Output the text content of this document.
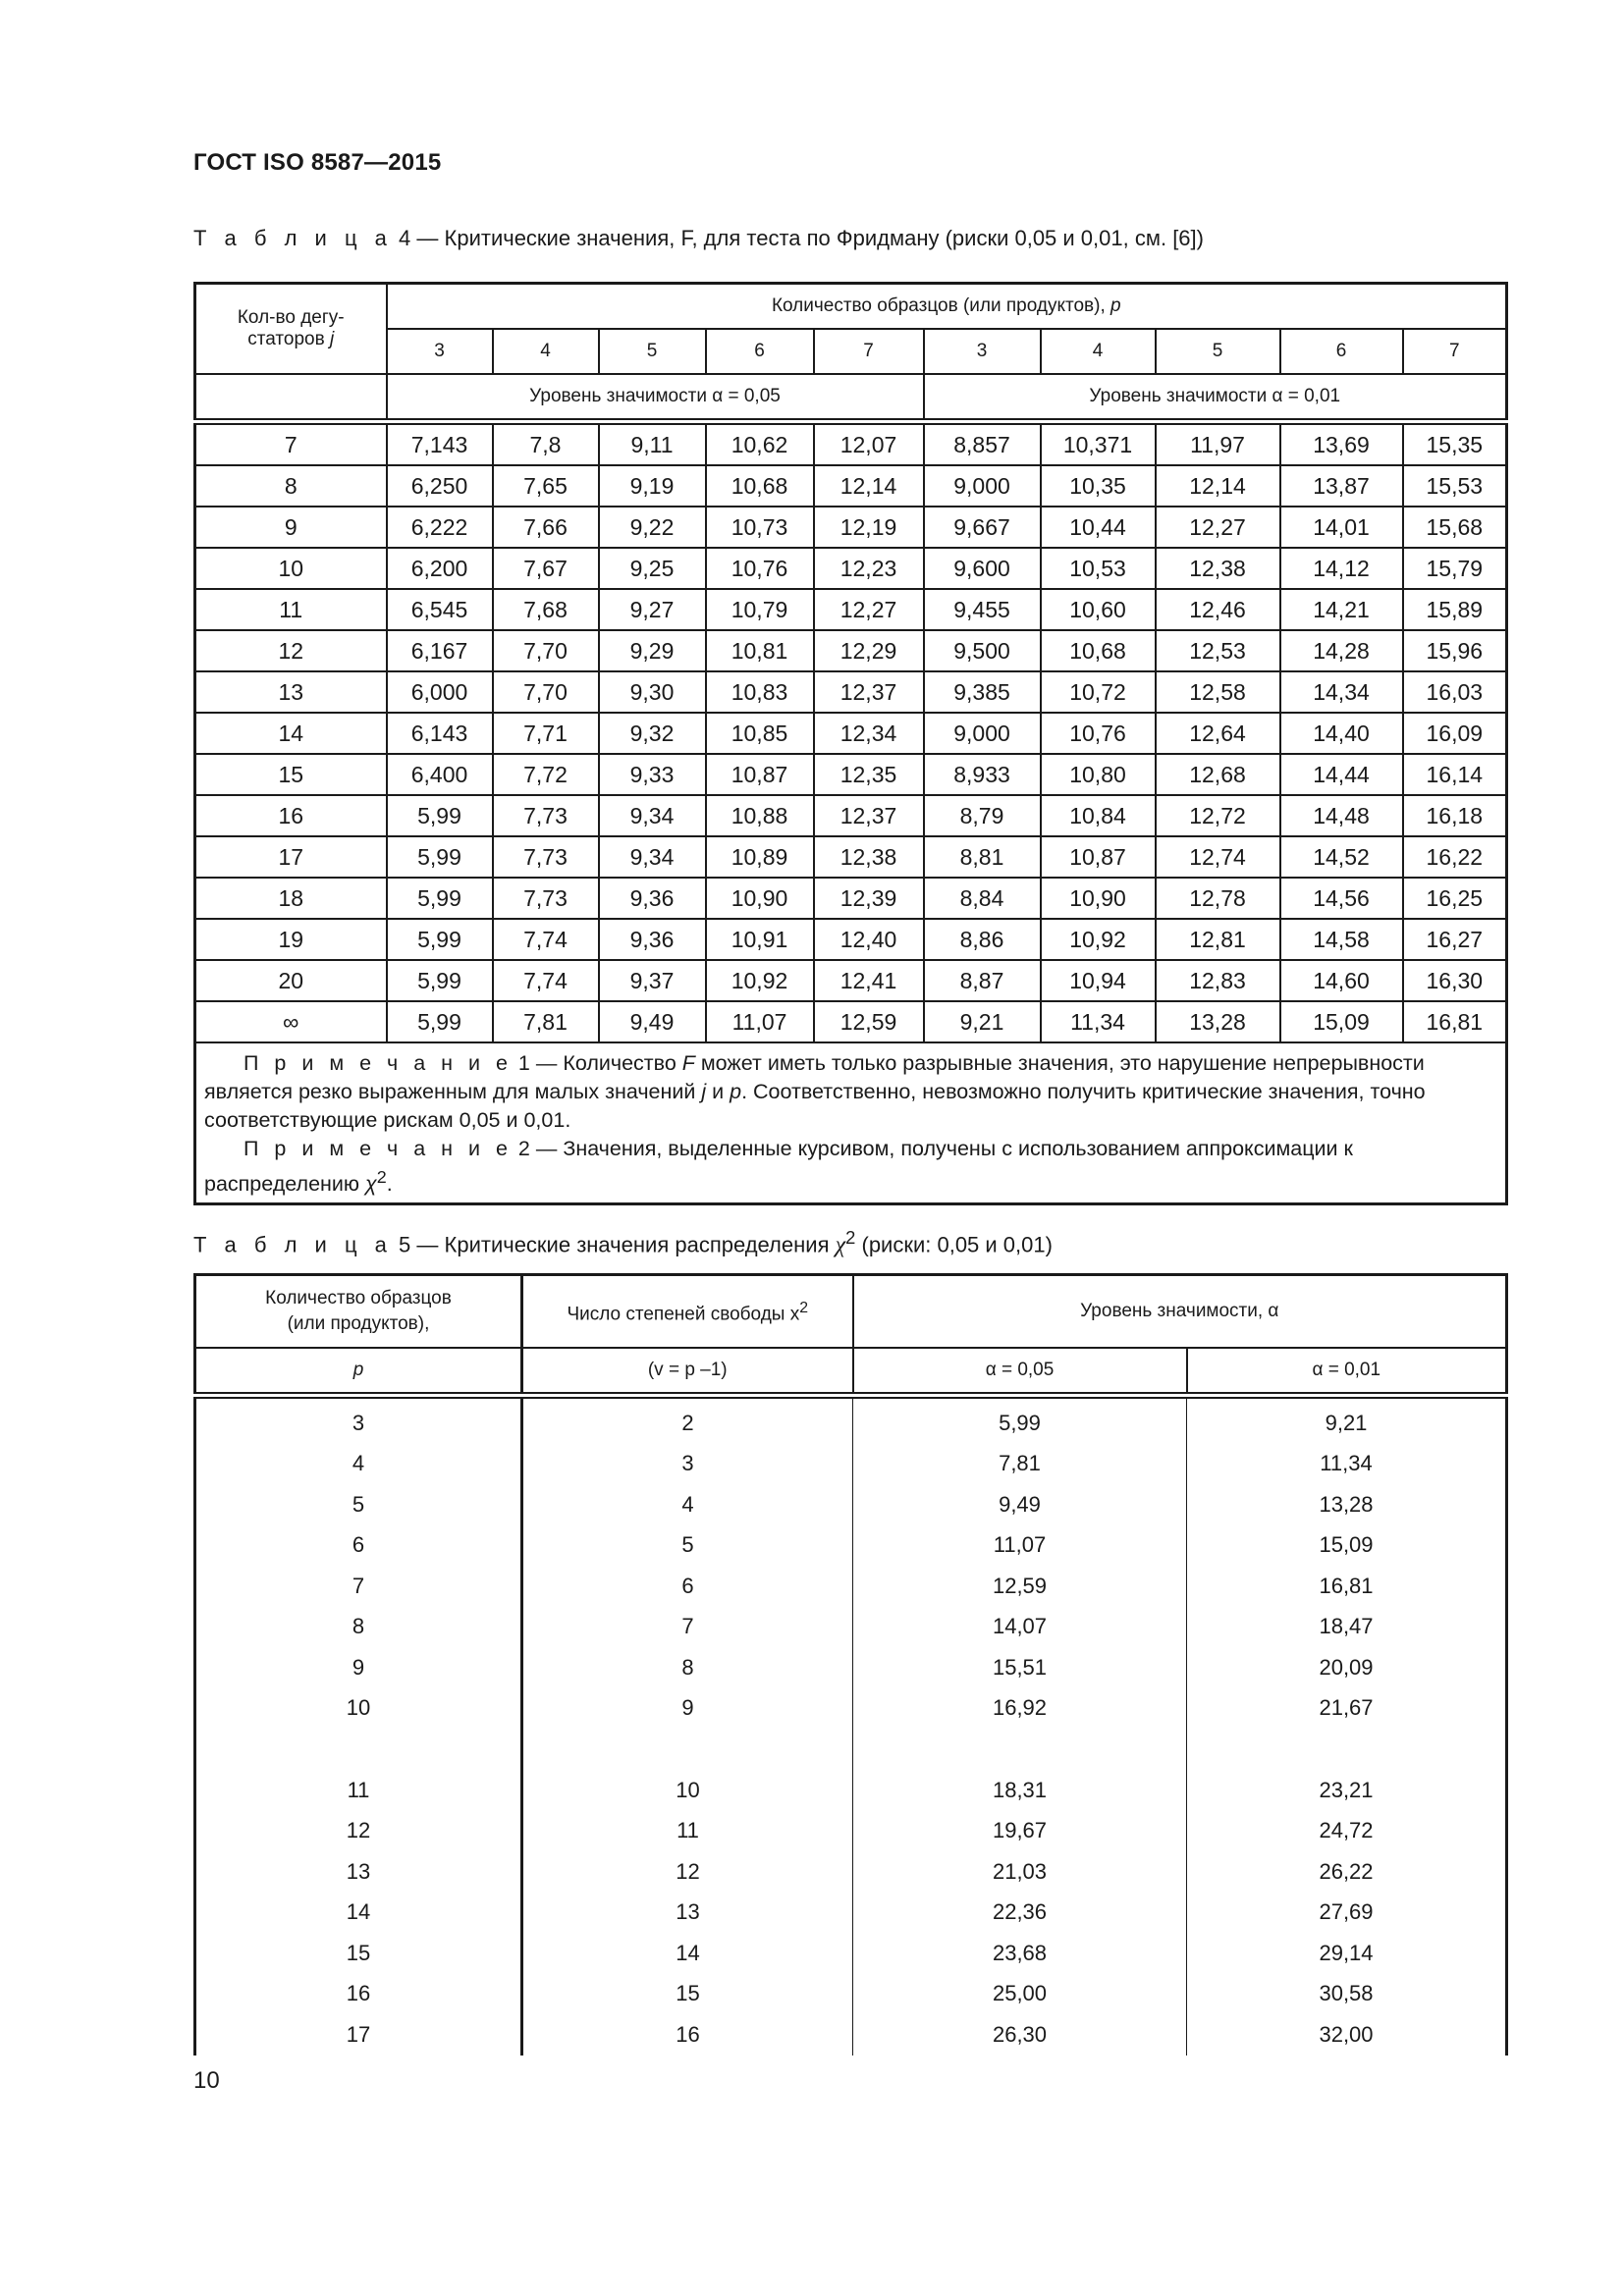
ГОСТ ISO 8587—2015
Т а б л и ц а 4 — Критические значения, F, для теста по Фридману (риски 0,05 и 0,01, см. [6])
Кол-во дегу-
статоров j	Количество образцов (или продуктов), p									
	3	4	5	6	7	3	4	5	6	7
	Уровень значимости α = 0,05					Уровень значимости α = 0,01				
7	7,143	7,8	9,11	10,62	12,07	8,857	10,371	11,97	13,69	15,35
8	6,250	7,65	9,19	10,68	12,14	9,000	10,35	12,14	13,87	15,53
9	6,222	7,66	9,22	10,73	12,19	9,667	10,44	12,27	14,01	15,68
10	6,200	7,67	9,25	10,76	12,23	9,600	10,53	12,38	14,12	15,79
11	6,545	7,68	9,27	10,79	12,27	9,455	10,60	12,46	14,21	15,89
12	6,167	7,70	9,29	10,81	12,29	9,500	10,68	12,53	14,28	15,96
13	6,000	7,70	9,30	10,83	12,37	9,385	10,72	12,58	14,34	16,03
14	6,143	7,71	9,32	10,85	12,34	9,000	10,76	12,64	14,40	16,09
15	6,400	7,72	9,33	10,87	12,35	8,933	10,80	12,68	14,44	16,14
16	5,99	7,73	9,34	10,88	12,37	8,79	10,84	12,72	14,48	16,18
17	5,99	7,73	9,34	10,89	12,38	8,81	10,87	12,74	14,52	16,22
18	5,99	7,73	9,36	10,90	12,39	8,84	10,90	12,78	14,56	16,25
19	5,99	7,74	9,36	10,91	12,40	8,86	10,92	12,81	14,58	16,27
20	5,99	7,74	9,37	10,92	12,41	8,87	10,94	12,83	14,60	16,30
∞	5,99	7,81	9,49	11,07	12,59	9,21	11,34	13,28	15,09	16,81

П р и м е ч а н и е 1 — Количество F может иметь только разрывные значения, это нарушение непрерывности является резко выраженным для малых значений j и p. Соответственно, невозможно получить критические значения, точно соответствующие рискам 0,05 и 0,01.
П р и м е ч а н и е 2 — Значения, выделенные курсивом, получены с использованием аппроксимации к распределению $\chi^2$.										
Т а б л и ц а 5 — Критические значения распределения $\chi^2$ (риски: 0,05 и 0,01)
Количество образцов
(или продуктов),	Число степеней свободы $x^2$	Уровень значимости, α	
p	(v = p –1)	α = 0,05	α = 0,01
3	2	5,99	9,21
4	3	7,81	11,34
5	4	9,49	13,28
6	5	11,07	15,09
7	6	12,59	16,81
8	7	14,07	18,47
9	8	15,51	20,09
10	9	16,92	21,67

11	10	18,31	23,21
12	11	19,67	24,72
13	12	21,03	26,22
14	13	22,36	27,69
15	14	23,68	29,14
16	15	25,00	30,58
17	16	26,30	32,00
10
